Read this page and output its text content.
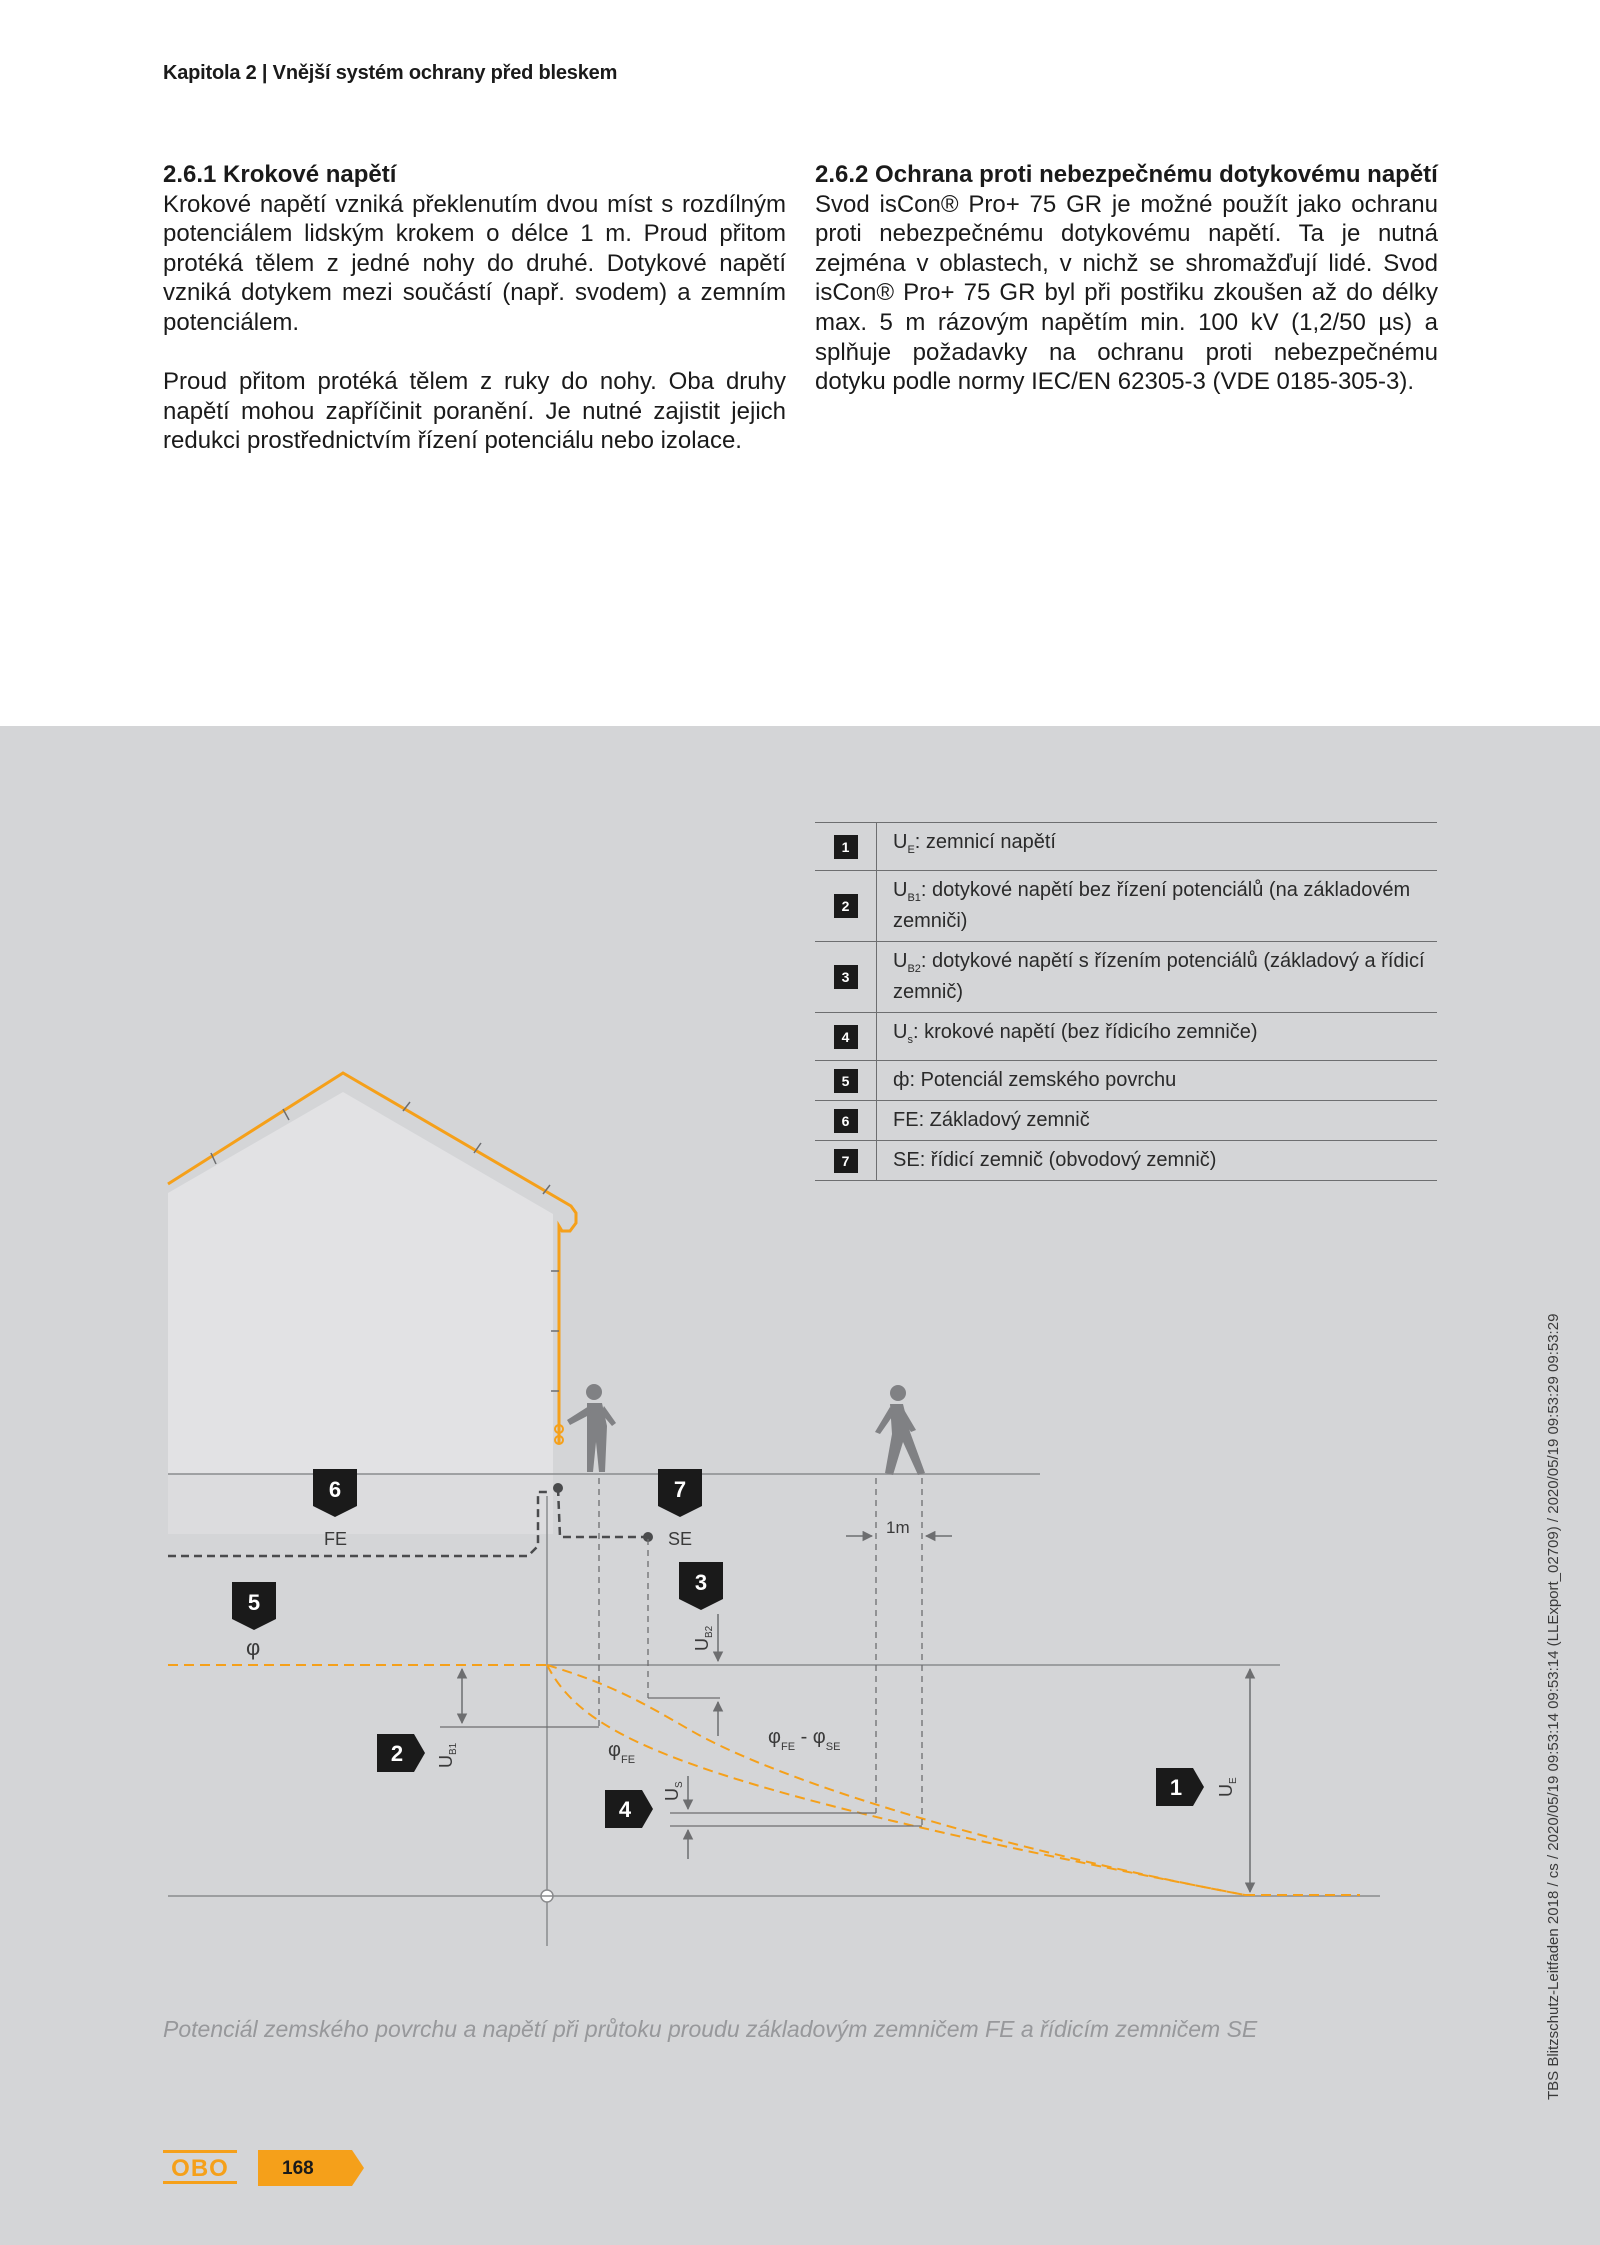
Kapitola 2 | Vnější systém ochrany před bleskem
2.6.1 Krokové napětí

Krokové napětí vzniká překlenutím dvou míst s rozdílným potenciálem lidským krokem o délce 1 m. Proud přitom protéká tělem z jedné nohy do druhé. Dotykové napětí vzniká dotykem mezi součástí (např. svodem) a zemním potenciálem.

Proud přitom protéká tělem z ruky do nohy. Oba druhy napětí mohou zapříčinit poranění. Je nutné zajistit jejich redukci prostřednictvím řízení potenciálu nebo izolace.

2.6.2 Ochrana proti nebezpečnému dotykovému napětí

Svod isCon® Pro+ 75 GR je možné použít jako ochranu proti nebezpečnému dotykovému napětí. Ta je nutná zejména v oblastech, v nichž se shromažďují lidé. Svod isCon® Pro+ 75 GR byl při postřiku zkoušen až do délky max. 5 m rázovým napětím min. 100 kV (1,2/50 µs) a splňuje požadavky na ochranu proti nebezpečnému dotyku podle normy IEC/EN 62305-3 (VDE 0185-305-3).

FE	SE
φ
1m
$\varphi_{FE}$
$\varphi_{FE} - \varphi_{SE}$
$U_{B1}$
$U_{B2}$
$U_S$	$U_E$
6	7
5
3
2
4
1
1	$U_E$: zemnicí napětí
2	$U_{B1}$: dotykové napětí bez řízení potenciálů (na základovém zemniči)
3	$U_{B2}$: dotykové napětí s řízením potenciálů (základový a řídicí zemnič)
4	$U_s$: krokové napětí (bez řídicího zemniče)
5	ф: Potenciál zemského povrchu
6	FE: Základový zemnič
7	SE: řídicí zemnič (obvodový zemnič)
Potenciál zemského povrchu a napětí při průtoku proudu základovým zemničem FE a řídicím zemničem SE	TBS Blitzschutz-Leitfaden 2018 / cs / 2020/05/19 09:53:14 09:53:14 (LLExport_02709) / 2020/05/19 09:53:29 09:53:29
OBO	168
